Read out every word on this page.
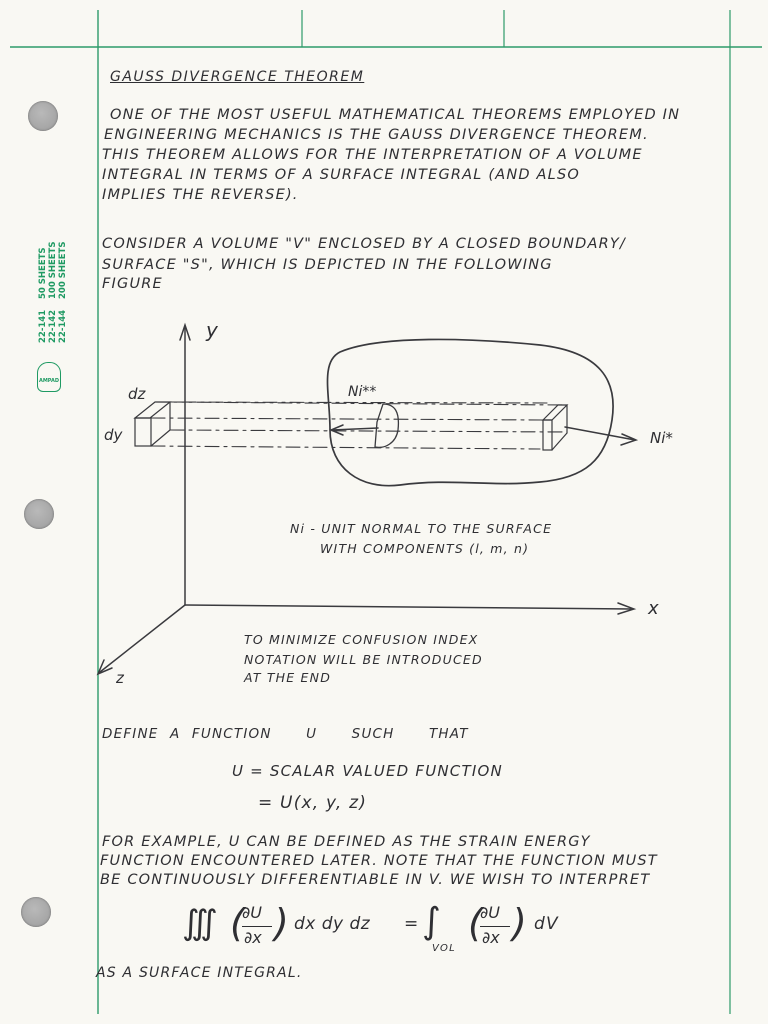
22-141 22-142 22-144
50 SHEETS 100 SHEETS 200 SHEETS
AMPAD
GAUSS DIVERGENCE THEOREM
ONE OF THE MOST USEFUL MATHEMATICAL THEOREMS EMPLOYED IN
ENGINEERING MECHANICS IS THE GAUSS DIVERGENCE THEOREM.
THIS THEOREM ALLOWS FOR THE INTERPRETATION OF A VOLUME
INTEGRAL IN TERMS OF A SURFACE INTEGRAL (AND ALSO
IMPLIES THE REVERSE).
CONSIDER A VOLUME "V" ENCLOSED BY A CLOSED BOUNDARY/
SURFACE "S", WHICH IS DEPICTED IN THE FOLLOWING
FIGURE
y
x
z
dz
dy
Ni**
Ni*
Ni - UNIT NORMAL TO THE SURFACE
WITH COMPONENTS (l, m, n)
TO MINIMIZE CONFUSION INDEX
NOTATION WILL BE INTRODUCED
AT THE END
DEFINE A FUNCTION   U   SUCH   THAT
U = SCALAR VALUED FUNCTION
= U(x, y, z)
FOR EXAMPLE, U CAN BE DEFINED AS THE STRAIN ENERGY
FUNCTION ENCOUNTERED LATER. NOTE THAT THE FUNCTION MUST
BE CONTINUOUSLY DIFFERENTIABLE IN V. WE WISH TO INTERPRET
∭ (
∂U
∂x ) dx dy dz = ∫
VOL
(
∂U
∂x ) dV
AS A SURFACE INTEGRAL.
